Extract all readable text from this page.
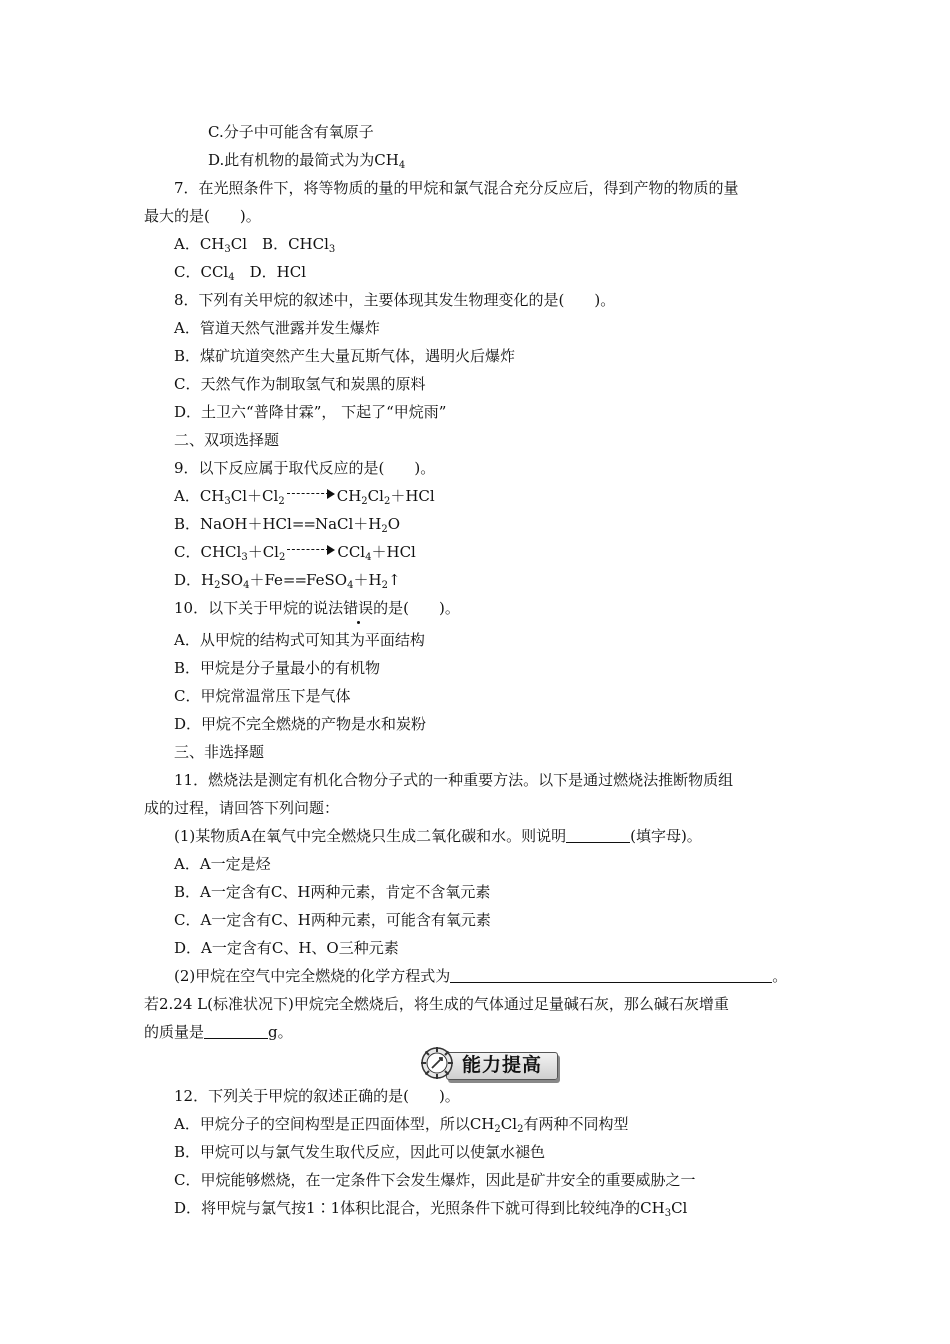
C.分子中可能含有氧原子
D.此有机物的最简式为为$CH_4$
7．在光照条件下，将等物质的量的甲烷和氯气混合充分反应后，得到产物的物质的量
最大的是( )。
A．$CH_3Cl$　B．CHCl$_3$
C．CCl$_4$　D．HCl
8．下列有关甲烷的叙述中，主要体现其发生物理变化的是( )。
A．管道天然气泄露并发生爆炸
B．煤矿坑道突然产生大量瓦斯气体，遇明火后爆炸
C．天然气作为制取氢气和炭黑的原料
D．土卫六“普降甘霖”， 下起了“甲烷雨”
二、双项选择题
9．以下反应属于取代反应的是( )。
A．$CH_3Cl+Cl_2$	$CH_2Cl_2+HCl$
B．$NaOH+HCl==NaCl+H_2O$
C．$CHCl_3+Cl_2$	CCl$_4$＋HCl
D．$H_2SO_4+Fe==FeSO_4+H_2↑$
10．以下关于甲烷的说法错误的是( )。
A．从甲烷的结构式可知其为平面结构
B．甲烷是分子量最小的有机物
C．甲烷常温常压下是气体
D．甲烷不完全燃烧的产物是水和炭粉
三、非选择题
11．燃烧法是测定有机化合物分子式的一种重要方法。以下是通过燃烧法推断物质组
成的过程，请回答下列问题：
(1)某物质A在氧气中完全燃烧只生成二氧化碳和水。则说明	(填字母)。
A．A一定是烃
B．A一定含有C、H两种元素，肯定不含氧元素
C．A一定含有C、H两种元素，可能含有氧元素
D．A一定含有C、H、O三种元素
(2)甲烷在空气中完全燃烧的化学方程式为	。
若2.24 L(标准状况下)甲烷完全燃烧后，将生成的气体通过足量碱石灰，那么碱石灰增重
的质量是	g。
能力提高
12．下列关于甲烷的叙述正确的是( )。
A．甲烷分子的空间构型是正四面体型，所以$CH_2Cl_2$有两种不同构型
B．甲烷可以与氯气发生取代反应，因此可以使氯水褪色
C．甲烷能够燃烧，在一定条件下会发生爆炸，因此是矿井安全的重要威胁之一
D．将甲烷与氯气按1∶1体积比混合，光照条件下就可得到比较纯净的$CH_3Cl$
